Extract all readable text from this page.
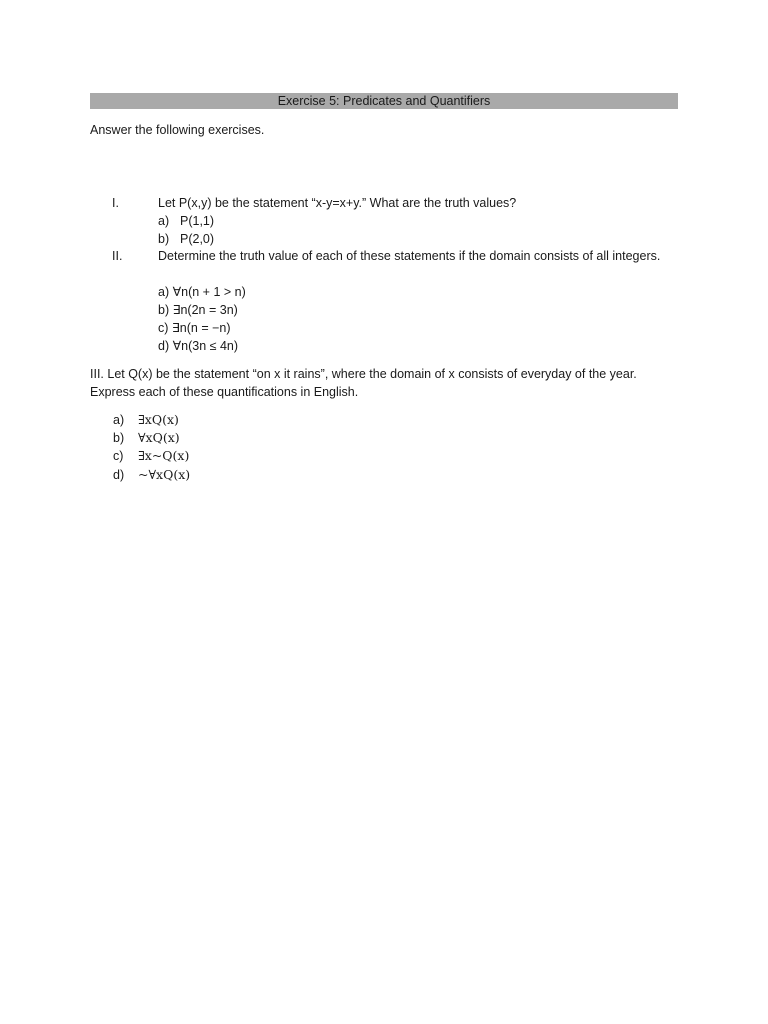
Exercise 5: Predicates and Quantifiers
Answer the following exercises.
I.	Let P(x,y) be the statement “x-y=x+y.” What are the truth values?
a) P(1,1)
b) P(2,0)
II.	Determine the truth value of each of these statements if the domain consists of all integers.
a) ∀n(n + 1 > n)
b) ∃n(2n = 3n)
c) ∃n(n = −n)
d) ∀n(3n ≤ 4n)
III. Let Q(x) be the statement “on x it rains”, where the domain of x consists of everyday of the year. Express each of these quantifications in English.
a) ∃xQ(x)
b) ∀xQ(x)
c) ∃x~Q(x)
d) ~∀xQ(x)
